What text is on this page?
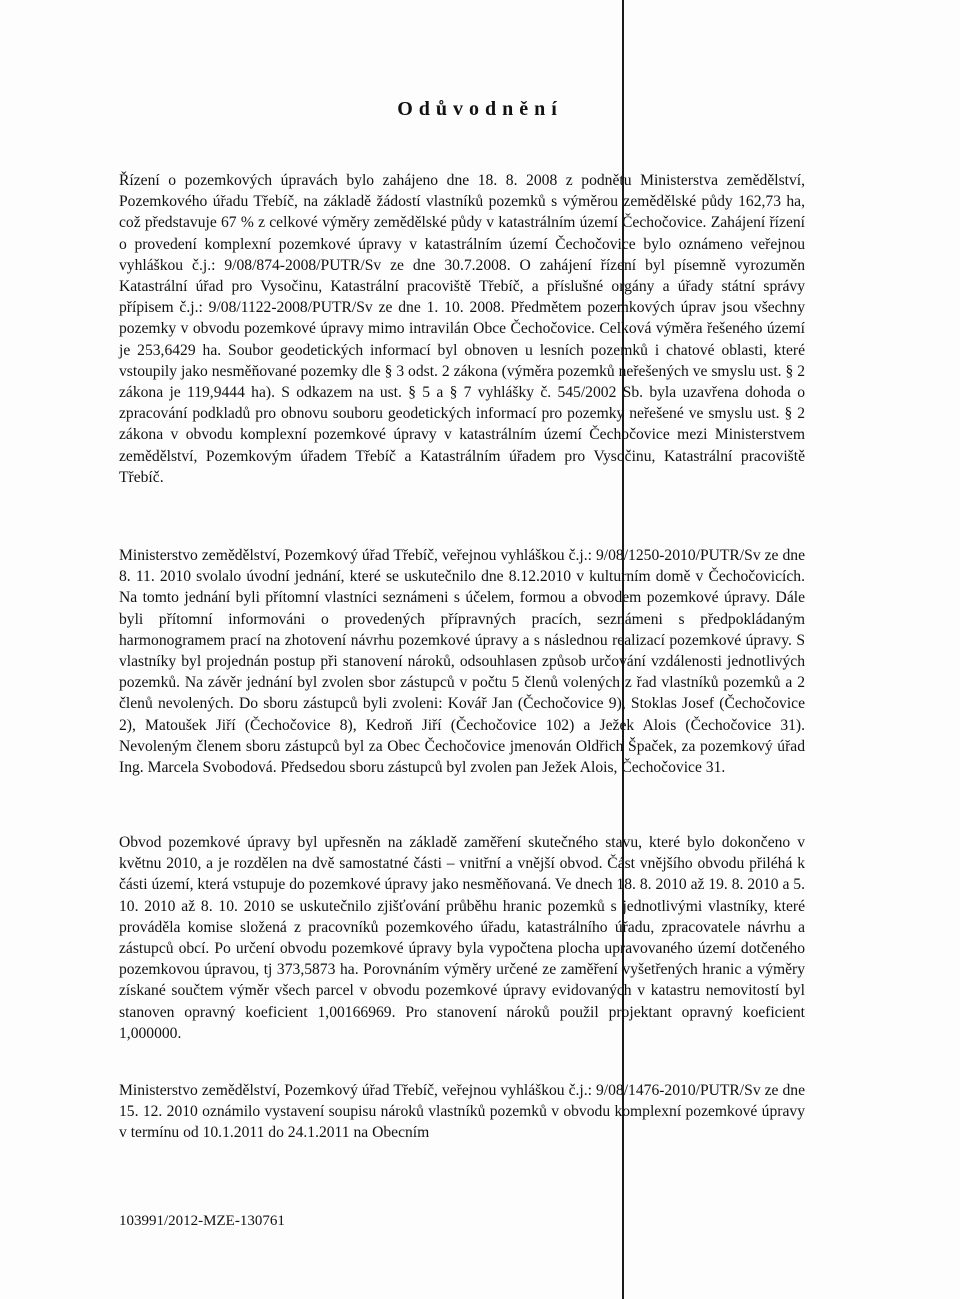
Odůvodnění

Řízení o pozemkových úpravách bylo zahájeno dne 18. 8. 2008 z podnětu Ministerstva zemědělství, Pozemkového úřadu Třebíč, na základě žádostí vlastníků pozemků s výměrou zemědělské půdy 162,73 ha, což představuje 67 % z celkové výměry zemědělské půdy v katastrálním území Čechočovice. Zahájení řízení o provedení komplexní pozemkové úpravy v katastrálním území Čechočovice bylo oznámeno veřejnou vyhláškou č.j.: 9/08/874-2008/PUTR/Sv ze dne 30.7.2008. O zahájení řízení byl písemně vyrozuměn Katastrální úřad pro Vysočinu, Katastrální pracoviště Třebíč, a příslušné orgány a úřady státní správy přípisem č.j.: 9/08/1122-2008/PUTR/Sv ze dne 1. 10. 2008. Předmětem pozemkových úprav jsou všechny pozemky v obvodu pozemkové úpravy mimo intravilán Obce Čechočovice. Celková výměra řešeného území je 253,6429 ha. Soubor geodetických informací byl obnoven u lesních pozemků i chatové oblasti, které vstoupily jako nesměňované pozemky dle § 3 odst. 2 zákona (výměra pozemků neřešených ve smyslu ust. § 2 zákona je 119,9444 ha). S odkazem na ust. § 5 a § 7 vyhlášky č. 545/2002 Sb. byla uzavřena dohoda o zpracování podkladů pro obnovu souboru geodetických informací pro pozemky neřešené ve smyslu ust. § 2 zákona v obvodu komplexní pozemkové úpravy v katastrálním území Čechočovice mezi Ministerstvem zemědělství, Pozemkovým úřadem Třebíč a Katastrálním úřadem pro Vysočinu, Katastrální pracoviště Třebíč.

Ministerstvo zemědělství, Pozemkový úřad Třebíč, veřejnou vyhláškou č.j.: 9/08/1250-2010/PUTR/Sv ze dne 8. 11. 2010 svolalo úvodní jednání, které se uskutečnilo dne 8.12.2010 v kulturním domě v Čechočovicích. Na tomto jednání byli přítomní vlastníci seznámeni s účelem, formou a obvodem pozemkové úpravy. Dále byli přítomní informováni o provedených přípravných pracích, seznámeni s předpokládaným harmonogramem prací na zhotovení návrhu pozemkové úpravy a s následnou realizací pozemkové úpravy. S vlastníky byl projednán postup při stanovení nároků, odsouhlasen způsob určování vzdálenosti jednotlivých pozemků. Na závěr jednání byl zvolen sbor zástupců v počtu 5 členů volených z řad vlastníků pozemků a 2 členů nevolených. Do sboru zástupců byli zvoleni: Kovář Jan (Čechočovice 9), Stoklas Josef (Čechočovice 2), Matoušek Jiří (Čechočovice 8), Kedroň Jiří (Čechočovice 102) a Ježek Alois (Čechočovice 31). Nevoleným členem sboru zástupců byl za Obec Čechočovice jmenován Oldřich Špaček, za pozemkový úřad Ing. Marcela Svobodová. Předsedou sboru zástupců byl zvolen pan Ježek Alois, Čechočovice 31.

Obvod pozemkové úpravy byl upřesněn na základě zaměření skutečného stavu, které bylo dokončeno v květnu 2010, a je rozdělen na dvě samostatné části – vnitřní a vnější obvod. Část vnějšího obvodu přiléhá k části území, která vstupuje do pozemkové úpravy jako nesměňovaná. Ve dnech 18. 8. 2010 až 19. 8. 2010 a 5. 10. 2010 až 8. 10. 2010 se uskutečnilo zjišťování průběhu hranic pozemků s jednotlivými vlastníky, které prováděla komise složená z pracovníků pozemkového úřadu, katastrálního úřadu, zpracovatele návrhu a zástupců obcí. Po určení obvodu pozemkové úpravy byla vypočtena plocha upravovaného území dotčeného pozemkovou úpravou, tj 373,5873 ha. Porovnáním výměry určené ze zaměření vyšetřených hranic a výměry získané součtem výměr všech parcel v obvodu pozemkové úpravy evidovaných v katastru nemovitostí byl stanoven opravný koeficient 1,00166969. Pro stanovení nároků použil projektant opravný koeficient 1,000000.

Ministerstvo zemědělství, Pozemkový úřad Třebíč, veřejnou vyhláškou č.j.: 9/08/1476-2010/PUTR/Sv ze dne 15. 12. 2010 oznámilo vystavení soupisu nároků vlastníků pozemků v obvodu komplexní pozemkové úpravy v termínu od 10.1.2011 do 24.1.2011 na Obecním

103991/2012-MZE-130761
